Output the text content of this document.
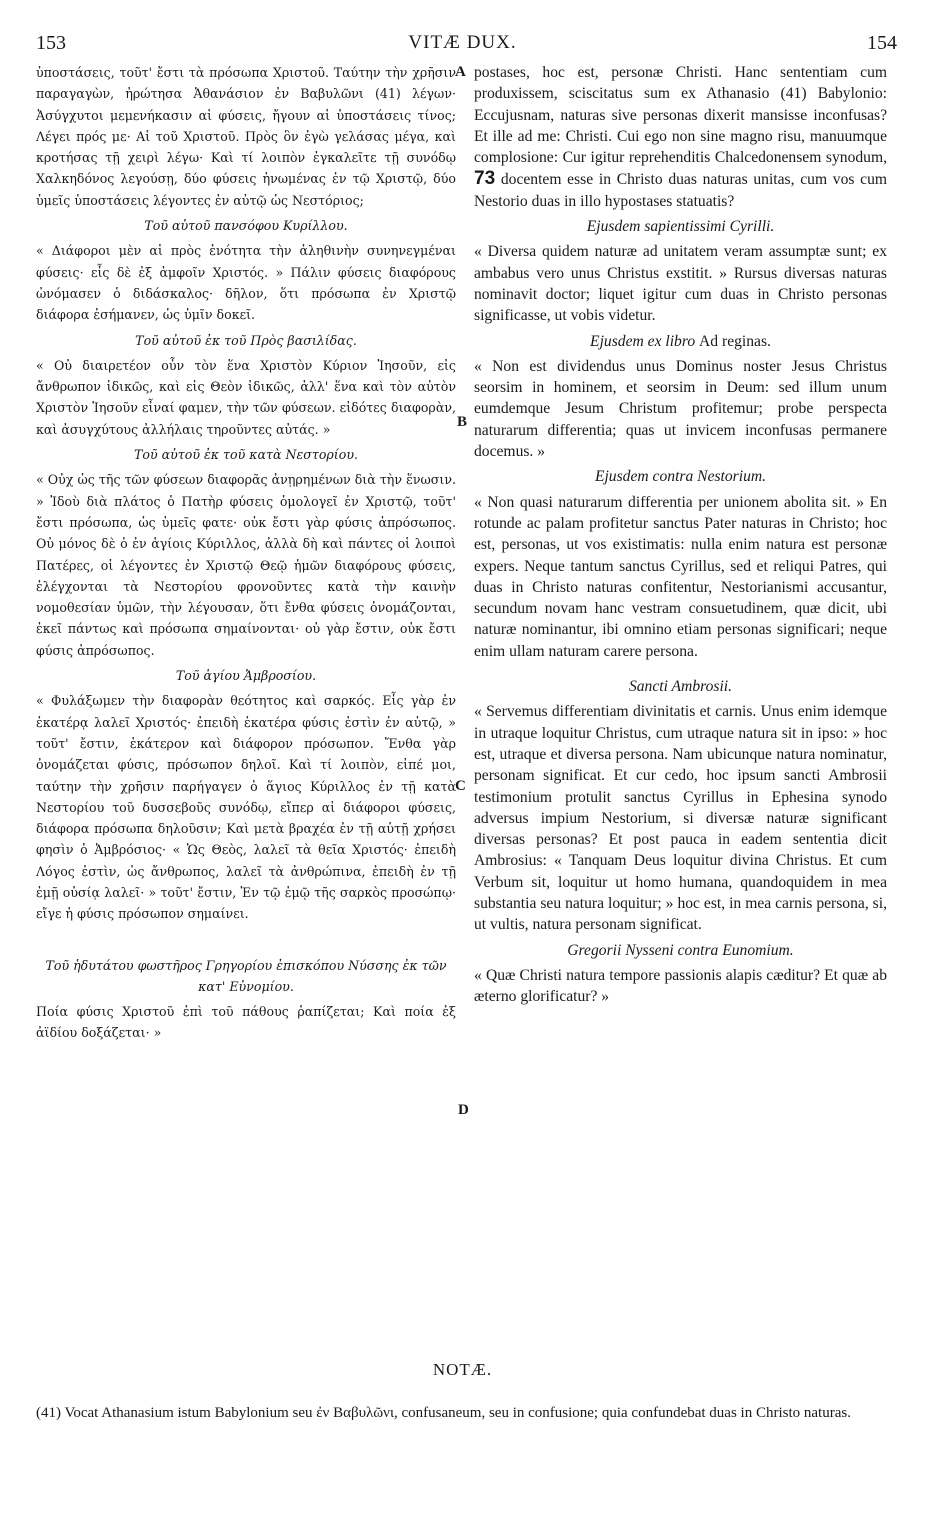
153	VITÆ DUX.	154
A
B
C
D

ὑποστάσεις, τοῦτ' ἔστι τὰ πρόσωπα Χριστοῦ. Ταύτην τὴν χρῆσιν παραγαγὼν, ἠρώτησα Ἀθανάσιον ἐν Βαβυλῶνι (41) λέγων· Ἀσύγχυτοι μεμενήκασιν αἱ φύσεις, ἤγουν αἱ ὑποστάσεις τίνος; Λέγει πρός με· Αἱ τοῦ Χριστοῦ. Πρὸς ὃν ἐγὼ γελάσας μέγα, καὶ κροτήσας τῇ χειρὶ λέγω· Καὶ τί λοιπὸν ἐγκαλεῖτε τῇ συνόδῳ Χαλκηδόνος λεγούσῃ, δύο φύσεις ἡνωμένας ἐν τῷ Χριστῷ, δύο ὑμεῖς ὑποστάσεις λέγοντες ἐν αὐτῷ ὡς Νεστόριος;

Τοῦ αὐτοῦ πανσόφου Κυρίλλου.

« Διάφοροι μὲν αἱ πρὸς ἑνότητα τὴν ἀληθινὴν συνηνεγμέναι φύσεις· εἷς δὲ ἐξ ἀμφοῖν Χριστός. » Πάλιν φύσεις διαφόρους ὠνόμασεν ὁ διδάσκαλος· δῆλον, ὅτι πρόσωπα ἐν Χριστῷ διάφορα ἐσήμανεν, ὡς ὑμῖν δοκεῖ.

Τοῦ αὐτοῦ ἐκ τοῦ Πρὸς βασιλίδας.

« Οὐ διαιρετέον οὖν τὸν ἕνα Χριστὸν Κύριον Ἰησοῦν, εἰς ἄνθρωπον ἰδικῶς, καὶ εἰς Θεὸν ἰδικῶς, ἀλλ' ἕνα καὶ τὸν αὐτὸν Χριστὸν Ἰησοῦν εἶναί φαμεν, τὴν τῶν φύσεων. εἰδότες διαφορὰν, καὶ ἀσυγχύτους ἀλλήλαις τηροῦντες αὐτάς. »

Τοῦ αὐτοῦ ἐκ τοῦ κατὰ Νεστορίου.

« Οὐχ ὡς τῆς τῶν φύσεων διαφορᾶς ἀνῃρημένων διὰ τὴν ἕνωσιν. » Ἰδοὺ διὰ πλάτος ὁ Πατὴρ φύσεις ὁμολογεῖ ἐν Χριστῷ, τοῦτ' ἔστι πρόσωπα, ὡς ὑμεῖς φατε· οὐκ ἔστι γὰρ φύσις ἀπρόσωπος. Οὐ μόνος δὲ ὁ ἐν ἁγίοις Κύριλλος, ἀλλὰ δὴ καὶ πάντες οἱ λοιποὶ Πατέρες, οἱ λέγοντες ἐν Χριστῷ Θεῷ ἡμῶν διαφόρους φύσεις, ἐλέγχονται τὰ Νεστορίου φρονοῦντες κατὰ τὴν καινὴν νομοθεσίαν ὑμῶν, τὴν λέγουσαν, ὅτι ἔνθα φύσεις ὀνομάζονται, ἐκεῖ πάντως καὶ πρόσωπα σημαίνονται· οὐ γὰρ ἔστιν, οὐκ ἔστι φύσις ἀπρόσωπος.

Τοῦ ἁγίου Ἀμβροσίου.

« Φυλάξωμεν τὴν διαφορὰν θεότητος καὶ σαρκός. Εἷς γὰρ ἐν ἑκατέρᾳ λαλεῖ Χριστός· ἐπειδὴ ἑκατέρα φύσις ἐστὶν ἐν αὐτῷ, » τοῦτ' ἔστιν, ἑκάτερον καὶ διάφορον πρόσωπον. Ἔνθα γὰρ ὀνομάζεται φύσις, πρόσωπον δηλοῖ. Καὶ τί λοιπὸν, εἰπέ μοι, ταύτην τὴν χρῆσιν παρήγαγεν ὁ ἅγιος Κύριλλος ἐν τῇ κατὰ Νεστορίου τοῦ δυσσεβοῦς συνόδῳ, εἴπερ αἱ διάφοροι φύσεις, διάφορα πρόσωπα δηλοῦσιν; Καὶ μετὰ βραχέα ἐν τῇ αὐτῇ χρήσει φησὶν ὁ Ἀμβρόσιος· « Ὡς Θεὸς, λαλεῖ τὰ θεῖα Χριστός· ἐπειδὴ Λόγος ἐστὶν, ὡς ἄνθρωπος, λαλεῖ τὰ ἀνθρώπινα, ἐπειδὴ ἐν τῇ ἐμῇ οὐσίᾳ λαλεῖ· » τοῦτ' ἔστιν, Ἐν τῷ ἐμῷ τῆς σαρκὸς προσώπῳ· εἴγε ἡ φύσις πρόσωπον σημαίνει.

Τοῦ ἡδυτάτου φωστῆρος Γρηγορίου ἐπισκόπου Νύσσης ἐκ τῶν κατ' Εὐνομίου.

Ποία φύσις Χριστοῦ ἐπὶ τοῦ πάθους ῥαπίζεται; Καὶ ποία ἐξ ἀϊδίου δοξάζεται· »

postases, hoc est, personæ Christi. Hanc sententiam cum produxissem, sciscitatus sum ex Athanasio (41) Babylonio: Eccujusnam, naturas sive personas dixerit mansisse inconfusas? Et ille ad me: Christi. Cui ego non sine magno risu, manuumque complosione: Cur igitur reprehenditis Chalcedonensem synodum, 73 docentem esse in Christo duas naturas unitas, cum vos cum Nestorio duas in illo hypostases statuatis?

Ejusdem sapientissimi Cyrilli.

« Diversa quidem naturæ ad unitatem veram assumptæ sunt; ex ambabus vero unus Christus exstitit. » Rursus diversas naturas nominavit doctor; liquet igitur cum duas in Christo personas significasse, ut vobis videtur.

Ejusdem ex libro Ad reginas.

« Non est dividendus unus Dominus noster Jesus Christus seorsim in hominem, et seorsim in Deum: sed illum unum eumdemque Jesum Christum profitemur; probe perspecta naturarum differentia; quas ut invicem inconfusas permanere docemus. »

Ejusdem contra Nestorium.

« Non quasi naturarum differentia per unionem abolita sit. » En rotunde ac palam profitetur sanctus Pater naturas in Christo; hoc est, personas, ut vos existimatis: nulla enim natura est personæ expers. Neque tantum sanctus Cyrillus, sed et reliqui Patres, qui duas in Christo naturas confitentur, Nestorianismi accusantur, secundum novam hanc vestram consuetudinem, quæ dicit, ubi naturæ nominantur, ibi omnino etiam personas significari; neque enim ullam naturam carere persona.

Sancti Ambrosii.

« Servemus differentiam divinitatis et carnis. Unus enim idemque in utraque loquitur Christus, cum utraque natura sit in ipso: » hoc est, utraque et diversa persona. Nam ubicunque natura nominatur, personam significat. Et cur cedo, hoc ipsum sancti Ambrosii testimonium protulit sanctus Cyrillus in Ephesina synodo adversus impium Nestorium, si diversæ naturæ significant diversas personas? Et post pauca in eadem sententia dicit Ambrosius: « Tanquam Deus loquitur divina Christus. Et cum Verbum sit, loquitur ut homo humana, quandoquidem in mea substantia seu natura loquitur; » hoc est, in mea carnis persona, si, ut vultis, natura personam significat.

Gregorii Nysseni contra Eunomium.

« Quæ Christi natura tempore passionis alapis cæditur? Et quæ ab æterno glorificatur? »

NOTÆ.
(41) Vocat Athanasium istum Babylonium seu ἐν Βαβυλῶνι, confusaneum, seu in confusione; quia confundebat duas in Christo naturas.
